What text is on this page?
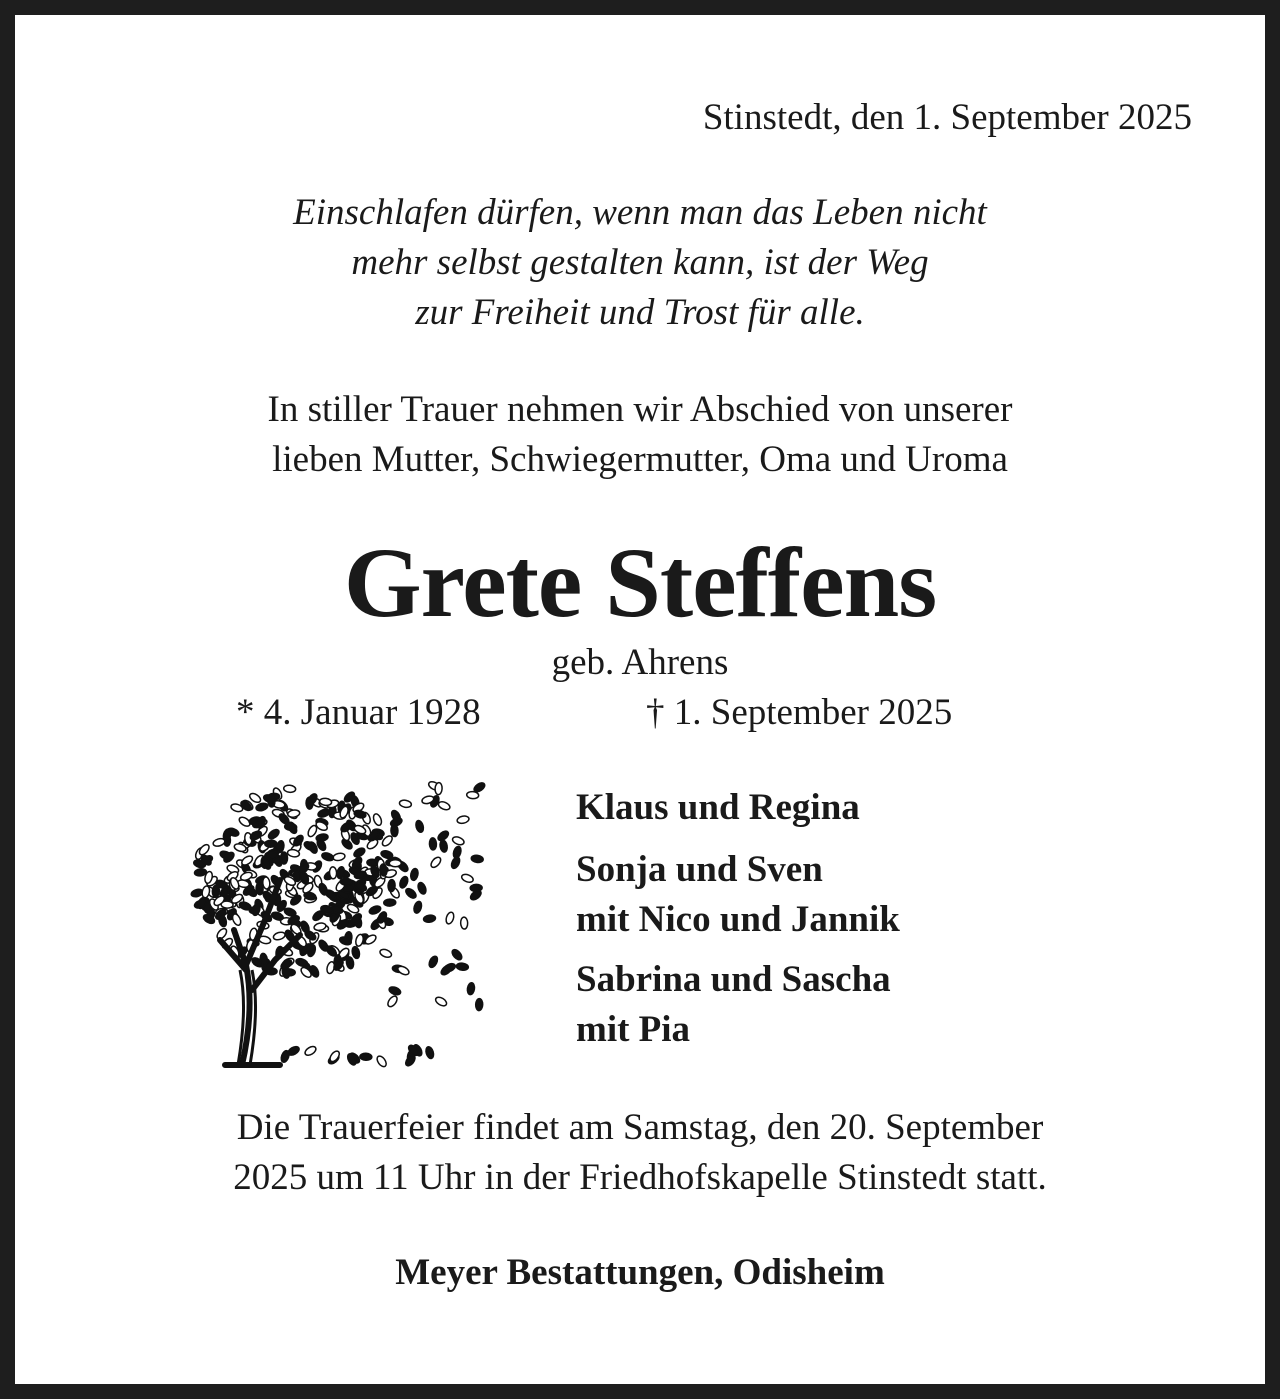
Stinstedt, den 1. September 2025
Einschlafen dürfen, wenn man das Leben nicht
mehr selbst gestalten kann, ist der Weg
zur Freiheit und Trost für alle.
In stiller Trauer nehmen wir Abschied von unserer
lieben Mutter, Schwiegermutter, Oma und Uroma
Grete Steffens
geb. Ahrens
* 4. Januar 1928	† 1. September 2025
Klaus und Regina
Sonja und Sven
mit Nico und Jannik
Sabrina und Sascha
mit Pia
Die Trauerfeier findet am Samstag, den 20. September
2025 um 11 Uhr in der Friedhofskapelle Stinstedt statt.
Meyer Bestattungen, Odisheim
